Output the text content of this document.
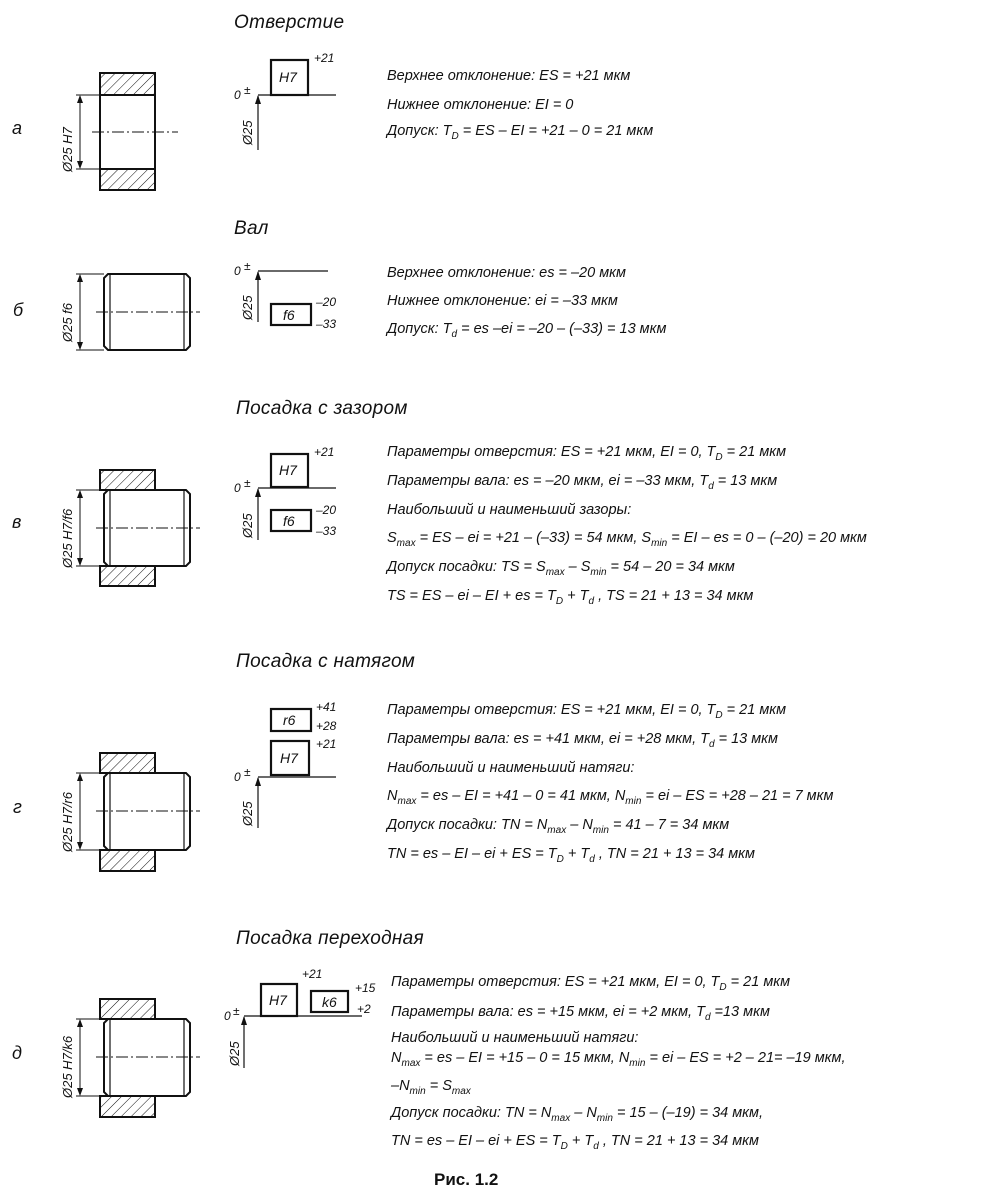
Отверстие
Вал
Посадка с зазором
Посадка с натягом
Посадка переходная
а
б
в
г
д
Ø25 H7
0 ±
Ø25
H7
+21
Ø25 f6
0 ±
Ø25 f6
–20
–33
Ø25 H7/f6
0 ±
Ø25
H7
+21
f6
–20
–33
Ø25 H7/r6
0 ±
Ø25
r6
+41
+28
H7
+21
Ø25 H7/k6
0 ±
Ø25
H7
+21
k6
+15
+2
Верхнее отклонение: ES = +21 мкм
Нижнее отклонение: EI = 0
Допуск: $T_D$ = ES – EI = +21 – 0 = 21 мкм
Верхнее отклонение: es = –20 мкм
Нижнее отклонение: ei = –33 мкм
Допуск: $T_d$ = es –ei = –20 – (–33) = 13 мкм
Параметры отверстия: ES = +21 мкм, EI = 0, $T_D = 21$ мкм
Параметры вала: es = –20 мкм, ei = –33 мкм, $T_d = 13$ мкм
Наибольший и наименьший зазоры:
$S_{max}$ = ES – ei = +21 – (–33) = 54 мкм, $S_{min}$ = EI – es = 0 – (–20) = 20 мкм
Допуск посадки: TS = $S_{max} - S_{min} = 54 - 20 = 34$ мкм
TS = ES – ei – EI + es = $T_D + T_d$ , TS = 21 + 13 = 34 мкм
Параметры отверстия: ES = +21 мкм, EI = 0, $T_D = 21$ мкм
Параметры вала: es = +41 мкм, ei = +28 мкм, $T_d = 13$ мкм
Наибольший и наименьший натяги:
$N_{max}$ = es – EI = +41 – 0 = 41 мкм, $N_{min}$ = ei – ES = +28 – 21 = 7 мкм
Допуск посадки: TN = $N_{max} - N_{min} = 41 - 7 = 34$ мкм
TN = es – EI – ei + ES = $T_D + T_d$ , TN = 21 + 13 = 34 мкм
Параметры отверстия: ES = +21 мкм, EI = 0, $T_D = 21$ мкм
Параметры вала: es = +15 мкм, ei = +2 мкм, $T_d =13$ мкм
Наибольший и наименьший натяги:
$N_{max}$ = es – EI = +15 – 0 = 15 мкм, $N_{min}$ = ei – ES = +2 – 21= –19 мкм,
$-N_{min} = S_{max}$
Допуск посадки: TN = $N_{max} - N_{min} = 15 - (-19) = 34$ мкм,
TN = es – EI – ei + ES = $T_D + T_d$ , TN = 21 + 13 = 34 мкм
Рис. 1.2
